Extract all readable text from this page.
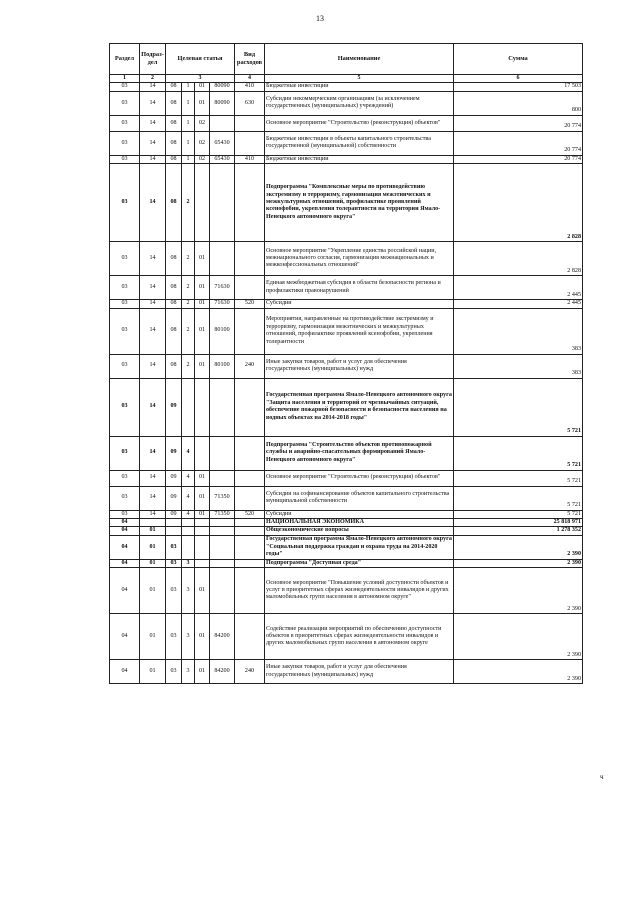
13
Раздел	Подраз-дел	Целевая статья				Вид расходов	Наименование	Сумма
1	2	3				4	5	6
03	14	08	1	01	80090	410	Бюджетные инвестиции	17 503
03	14	08	1	01	80090	630	Субсидии некоммерческим организациям (за исключением государственных (муниципальных) учреждений)	800
03	14	08	1	02			Основное мероприятие "Строительство (реконструкция) объектов"	20 774
03	14	08	1	02	65430		Бюджетные инвестиции в объекты капитального строительства государственной (муниципальной) собственности	20 774
03	14	08	1	02	65430	410	Бюджетные инвестиции	20 774
03	14	08	2				Подпрограмма "Комплексные меры по противодействию экстремизму и терроризму, гармонизация межэтнических и межкультурных отношений, профилактике проявлений ксенофобии, укрепления толерантности на территории Ямало-Ненецкого автономного округа"	2 828
03	14	08	2	01			Основное мероприятие "Укрепление единства российской нации, межнационального согласия, гармонизация межнациональных и межконфессиональных отношений"	2 828
03	14	08	2	01	71630		Единая межбюджетная субсидия в области безопасности региона и профилактики правонарушений	2 445
03	14	08	2	01	71630	520	Субсидии	2 445
03	14	08	2	01	80100		Мероприятия, направленные на противодействие экстремизму и терроризму, гармонизация межэтнических и межкультурных отношений, профилактике проявлений ксенофобии, укрепления толерантности	383
03	14	08	2	01	80100	240	Иные закупки товаров, работ и услуг для обеспечения государственных (муниципальных) нужд	383
03	14	09					Государственная программа Ямало-Ненецкого автономного округа "Защита населения и территорий от чрезвычайных ситуаций, обеспечение пожарной безопасности и безопасности населения на водных объектах на 2014-2018 годы"	5 721
03	14	09	4				Подпрограмма "Строительство объектов противопожарной службы и аварийно-спасательных формирований Ямало-Ненецкого автономного округа"	5 721
03	14	09	4	01			Основное мероприятие "Строительство (реконструкция) объектов"	5 721
03	14	09	4	01	71350		Субсидии на софинансирование объектов капитального строительства муниципальной собственности	5 721
03	14	09	4	01	71350	520	Субсидии	5 721
04							НАЦИОНАЛЬНАЯ ЭКОНОМИКА	25 818 971
04	01						Общеэкономические вопросы	1 278 352
04	01	03					Государственная программа Ямало-Ненецкого автономного округа "Социальная поддержка граждан и охрана труда на 2014-2020 годы"	2 390
04	01	03	3				Подпрограмма "Доступная среда"	2 390
04	01	03	3	01			Основное мероприятие "Повышение условий доступности объектов и услуг в приоритетных сферах жизнедеятельности инвалидов и других маломобильных групп населения в автономном округе"	2 390
04	01	03	3	01	84200		Содействие реализации мероприятий по обеспечению доступности объектов в приоритетных сферах жизнедеятельности инвалидов и других маломобильных групп населения в автономном округе	2 390
04	01	03	3	01	84200	240	Иные закупки товаров, работ и услуг для обеспечения государственных (муниципальных) нужд	2 390
ч
